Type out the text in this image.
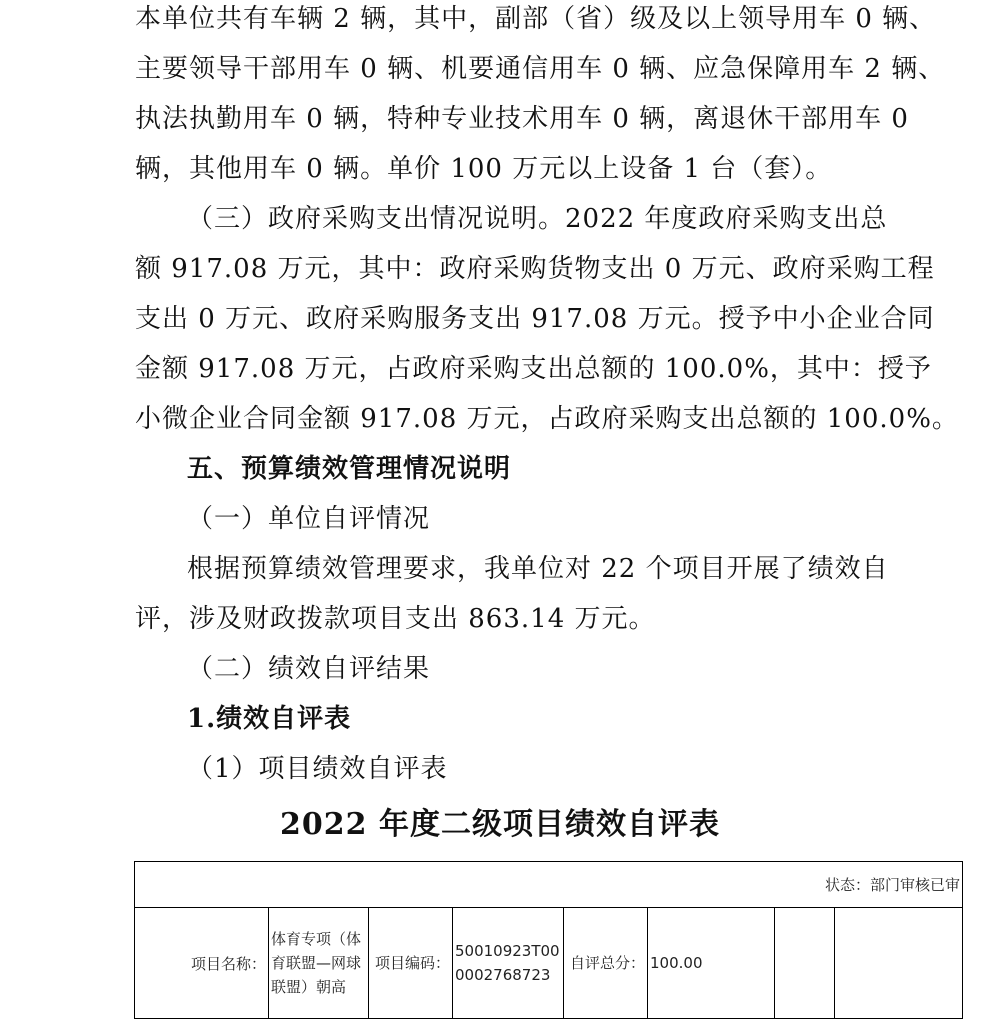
本单位共有车辆 2 辆，其中，副部（省）级及以上领导用车 0 辆、
主要领导干部用车 0 辆、机要通信用车 0 辆、应急保障用车 2 辆、
执法执勤用车 0 辆，特种专业技术用车 0 辆，离退休干部用车 0
辆，其他用车 0 辆。单价 100 万元以上设备 1 台（套）。
（三）政府采购支出情况说明。2022 年度政府采购支出总
额 917.08 万元，其中：政府采购货物支出 0 万元、政府采购工程
支出 0 万元、政府采购服务支出 917.08 万元。授予中小企业合同
金额 917.08 万元，占政府采购支出总额的 100.0%，其中：授予
小微企业合同金额 917.08 万元，占政府采购支出总额的 100.0%。
五、预算绩效管理情况说明
（一）单位自评情况
根据预算绩效管理要求，我单位对 22 个项目开展了绩效自
评，涉及财政拨款项目支出 863.14 万元。
（二）绩效自评结果
1.绩效自评表
（1）项目绩效自评表
2022 年度二级项目绩效自评表
状态：部门审核已审
项目名称：	体育专项（体育联盟—网球联盟）朝高	项目编码：	50010923T000002768723	自评总分：	100.00		
